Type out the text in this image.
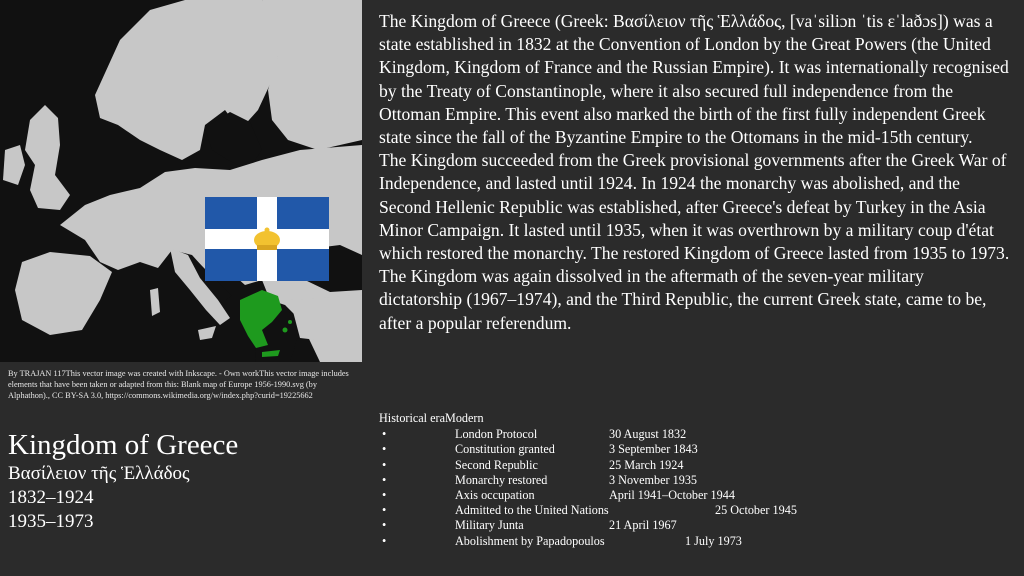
By TRAJAN 117This vector image was created with Inkscape. - Own workThis vector image includes elements that have been taken or adapted from this: Blank map of Europe 1956-1990.svg (by Alphathon)., CC BY-SA 3.0, https://commons.wikimedia.org/w/index.php?curid=19225662
Kingdom of Greece
Βασίλειον τῆς Ἑλλάδος
1832–1924
1935–1973

The Kingdom of Greece (Greek: Βασίλειον τῆς Ἑλλάδος, [vaˈsiliɔn ˈtis ɛˈlaðɔs]) was a state established in 1832 at the Convention of London by the Great Powers (the United Kingdom, Kingdom of France and the Russian Empire). It was internationally recognised by the Treaty of Constantinople, where it also secured full independence from the Ottoman Empire. This event also marked the birth of the first fully independent Greek state since the fall of the Byzantine Empire to the Ottomans in the mid-15th century.

The Kingdom succeeded from the Greek provisional governments after the Greek War of Independence, and lasted until 1924. In 1924 the monarchy was abolished, and the Second Hellenic Republic was established, after Greece's defeat by Turkey in the Asia Minor Campaign. It lasted until 1935, when it was overthrown by a military coup d'état which restored the monarchy. The restored Kingdom of Greece lasted from 1935 to 1973. The Kingdom was again dissolved in the aftermath of the seven-year military dictatorship (1967–1974), and the Third Republic, the current Greek state, came to be, after a popular referendum.

Historical eraModern
•	London Protocol	30 August 1832
•	Constitution granted	3 September 1843
•	Second Republic	25 March 1924
•	Monarchy restored	3 November 1935
•	Axis occupation	April 1941–October 1944
•	Admitted to the United Nations	25 October 1945
•	Military Junta	21 April 1967
•	Abolishment by Papadopoulos	1 July 1973
